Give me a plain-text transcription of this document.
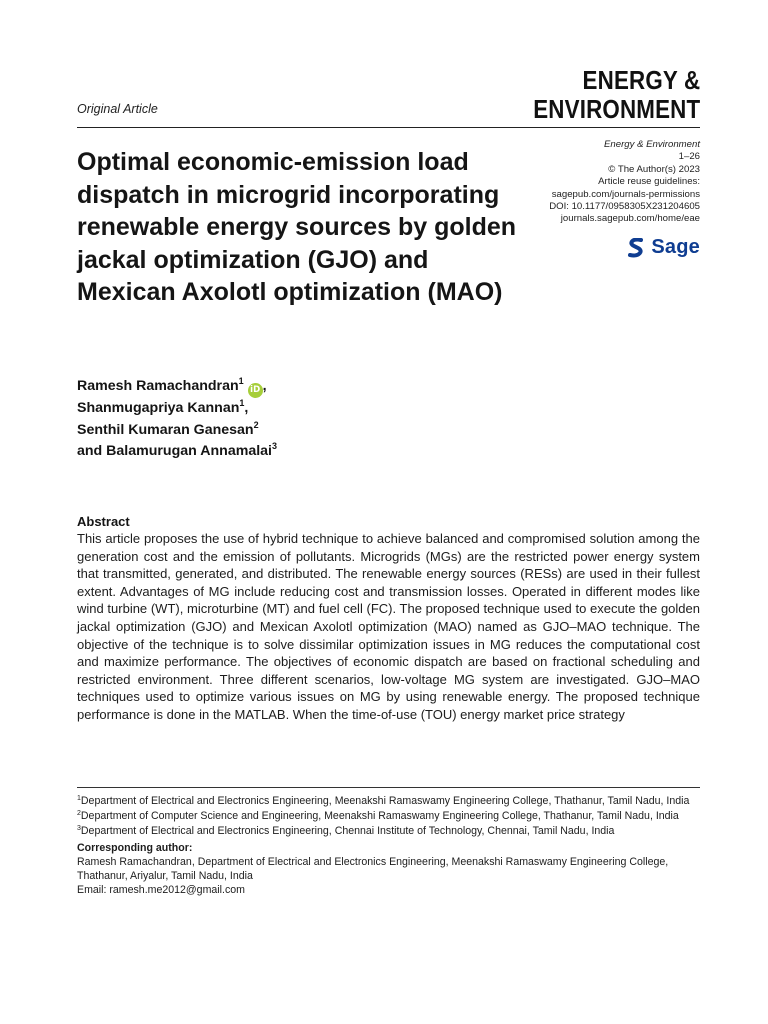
Original Article
ENERGY &
ENVIRONMENT
Optimal economic-emission load dispatch in microgrid incorporating renewable energy sources by golden jackal optimization (GJO) and Mexican Axolotl optimization (MAO)
Energy & Environment
1–26
© The Author(s) 2023
Article reuse guidelines:
sagepub.com/journals-permissions
DOI: 10.1177/0958305X231204605
journals.sagepub.com/home/eae
Sage
Ramesh Ramachandran$^1$iD ,
Shanmugapriya Kannan$^1$,
Senthil Kumaran Ganesan$^2$
and Balamurugan Annamalai$^3$
Abstract

This article proposes the use of hybrid technique to achieve balanced and compromised solution among the generation cost and the emission of pollutants. Microgrids (MGs) are the restricted power energy system that transmitted, generated, and distributed. The renewable energy sources (RESs) are used in their fullest extent. Advantages of MG include reducing cost and transmission losses. Operated in different modes like wind turbine (WT), microturbine (MT) and fuel cell (FC). The proposed technique used to execute the golden jackal optimization (GJO) and Mexican Axolotl optimization (MAO) named as GJO–MAO technique. The objective of the technique is to solve dissimilar optimization issues in MG reduces the computational cost and maximize performance. The objectives of economic dispatch are based on fractional scheduling and restricted environment. Three different scenarios, low-voltage MG system are investigated. GJO–MAO techniques used to optimize various issues on MG by using renewable energy. The proposed technique performance is done in the MATLAB. When the time-of-use (TOU) energy market price strategy

$^1$Department of Electrical and Electronics Engineering, Meenakshi Ramaswamy Engineering College, Thathanur, Tamil Nadu, India
$^2$Department of Computer Science and Engineering, Meenakshi Ramaswamy Engineering College, Thathanur, Tamil Nadu, India
$^3$Department of Electrical and Electronics Engineering, Chennai Institute of Technology, Chennai, Tamil Nadu, India
Corresponding author:
Ramesh Ramachandran, Department of Electrical and Electronics Engineering, Meenakshi Ramaswamy Engineering College, Thathanur, Ariyalur, Tamil Nadu, India
Email: ramesh.me2012@gmail.com
